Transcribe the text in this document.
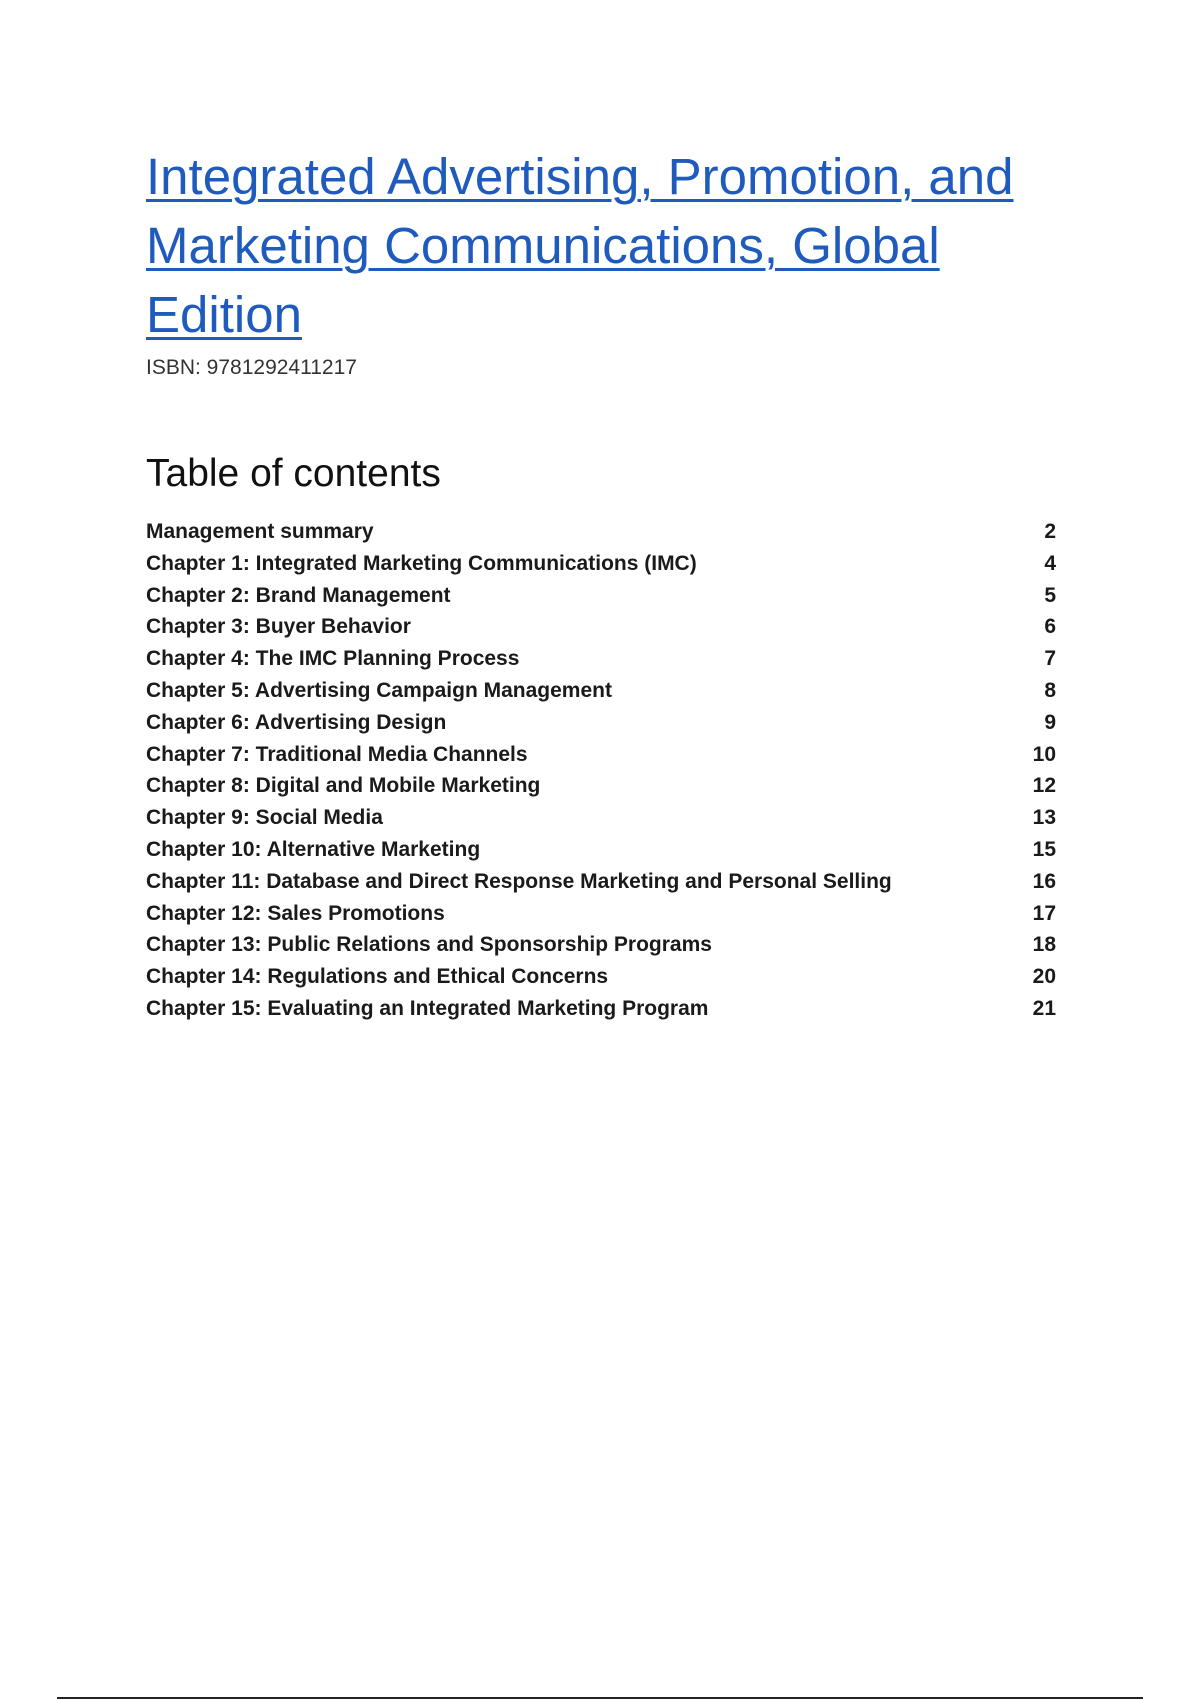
Integrated Advertising, Promotion, and Marketing Communications, Global Edition
ISBN: 9781292411217
Table of contents
Management summary	2
Chapter 1: Integrated Marketing Communications (IMC)	4
Chapter 2: Brand Management	5
Chapter 3: Buyer Behavior	6
Chapter 4: The IMC Planning Process	7
Chapter 5: Advertising Campaign Management	8
Chapter 6: Advertising Design	9
Chapter 7: Traditional Media Channels	10
Chapter 8: Digital and Mobile Marketing	12
Chapter 9: Social Media	13
Chapter 10: Alternative Marketing	15
Chapter 11: Database and Direct Response Marketing and Personal Selling	16
Chapter 12: Sales Promotions	17
Chapter 13: Public Relations and Sponsorship Programs	18
Chapter 14: Regulations and Ethical Concerns	20
Chapter 15: Evaluating an Integrated Marketing Program	21
